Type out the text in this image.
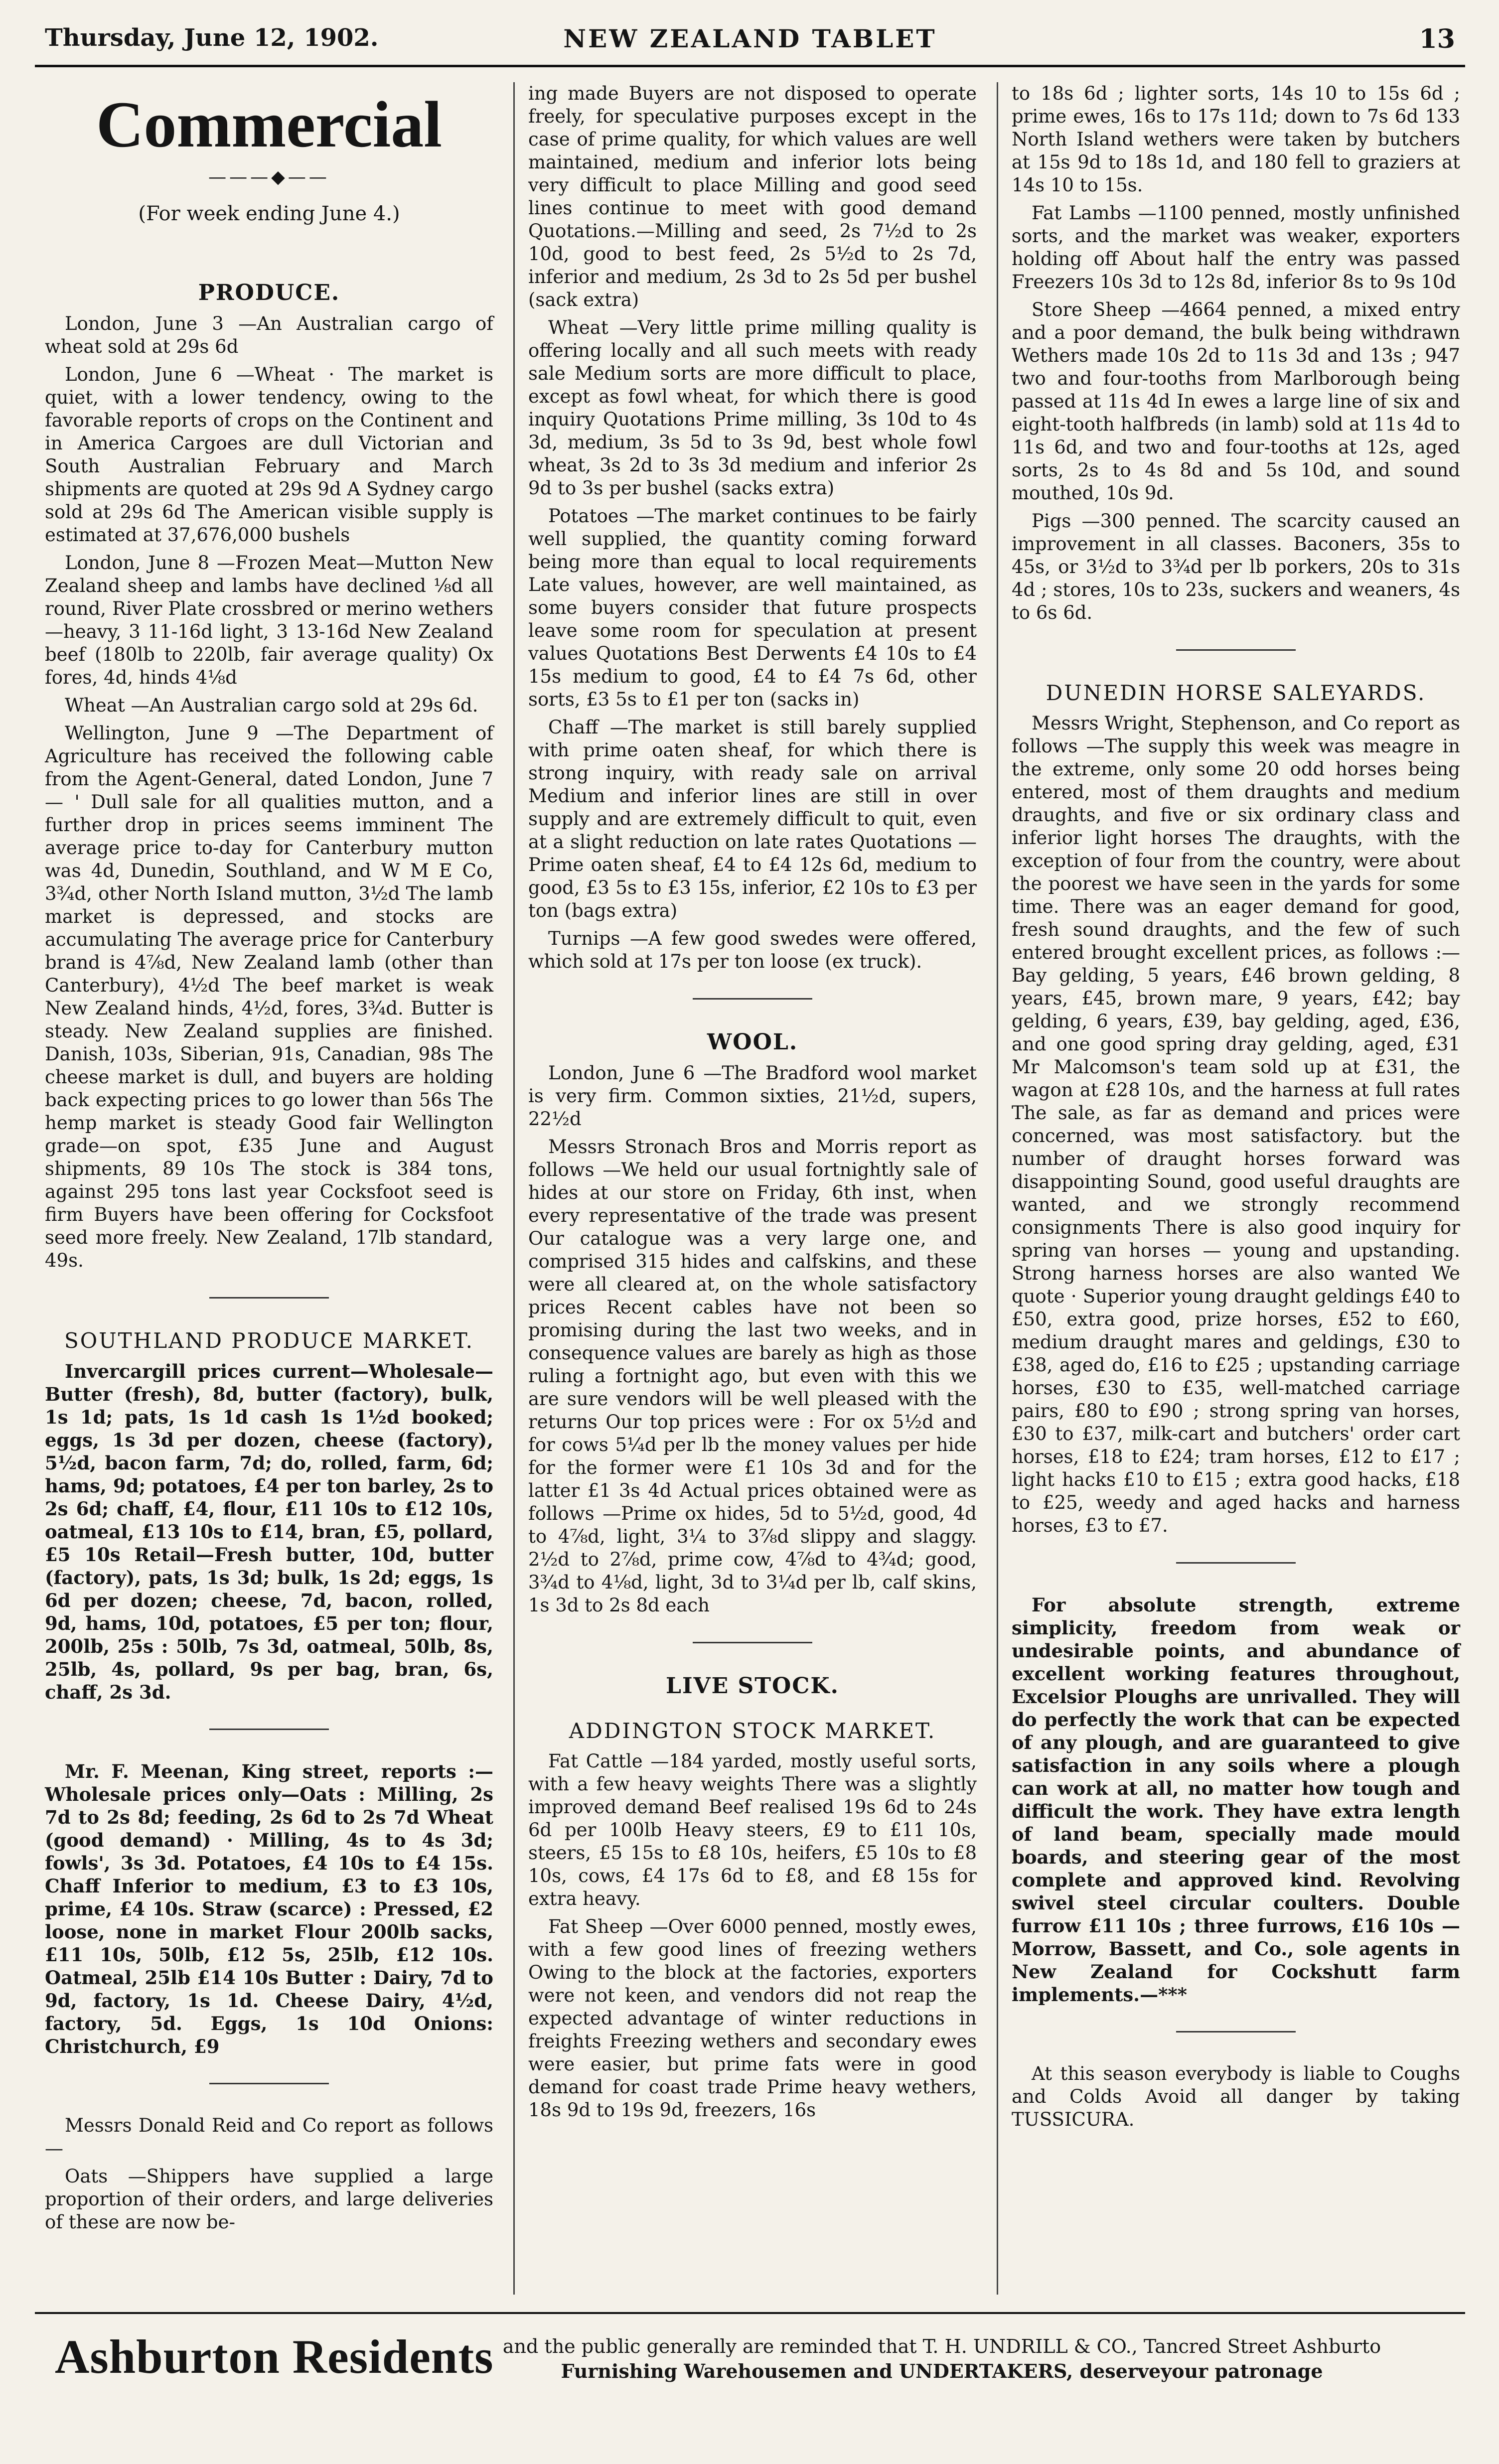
Thursday, June 12, 1902.	NEW ZEALAND TABLET	13
Commercial
———◆——
(For week ending June 4.)
PRODUCE.

London, June 3 —An Australian cargo of wheat sold at 29s 6d

London, June 6 —Wheat · The market is quiet, with a lower tendency, owing to the favorable reports of crops on the Continent and in America Cargoes are dull Victorian and South Australian February and March shipments are quoted at 29s 9d A Sydney cargo sold at 29s 6d The American visible supply is estimated at 37,676,000 bushels

London, June 8 —Frozen Meat—Mutton New Zealand sheep and lambs have declined ⅛d all round, River Plate crossbred or merino wethers—heavy, 3 11-16d light, 3 13-16d New Zealand beef (180lb to 220lb, fair average quality) Ox fores, 4d, hinds 4⅛d

Wheat —An Australian cargo sold at 29s 6d.

Wellington, June 9 —The Department of Agriculture has received the following cable from the Agent-General, dated London, June 7 — ' Dull sale for all qualities mutton, and a further drop in prices seems imminent The average price to-day for Canterbury mutton was 4d, Dunedin, Southland, and W M E Co, 3¾d, other North Island mutton, 3½d The lamb market is depressed, and stocks are accumulating The average price for Canterbury brand is 4⅞d, New Zealand lamb (other than Canterbury), 4½d The beef market is weak New Zealand hinds, 4½d, fores, 3¾d. Butter is steady. New Zealand supplies are finished. Danish, 103s, Siberian, 91s, Canadian, 98s The cheese market is dull, and buyers are holding back expecting prices to go lower than 56s The hemp market is steady Good fair Wellington grade—on spot, £35 June and August shipments, 89 10s The stock is 384 tons, against 295 tons last year Cocksfoot seed is firm Buyers have been offering for Cocksfoot seed more freely. New Zealand, 17lb standard, 49s.

SOUTHLAND PRODUCE MARKET.

Invercargill prices current—Wholesale—Butter (fresh), 8d, butter (factory), bulk, 1s 1d; pats, 1s 1d cash 1s 1½d booked; eggs, 1s 3d per dozen, cheese (factory), 5½d, bacon farm, 7d; do, rolled, farm, 6d; hams, 9d; potatoes, £4 per ton barley, 2s to 2s 6d; chaff, £4, flour, £11 10s to £12 10s, oatmeal, £13 10s to £14, bran, £5, pollard, £5 10s Retail—Fresh butter, 10d, butter (factory), pats, 1s 3d; bulk, 1s 2d; eggs, 1s 6d per dozen; cheese, 7d, bacon, rolled, 9d, hams, 10d, potatoes, £5 per ton; flour, 200lb, 25s : 50lb, 7s 3d, oatmeal, 50lb, 8s, 25lb, 4s, pollard, 9s per bag, bran, 6s, chaff, 2s 3d.

Mr. F. Meenan, King street, reports :—Wholesale prices only—Oats : Milling, 2s 7d to 2s 8d; feeding, 2s 6d to 2s 7d Wheat (good demand) · Milling, 4s to 4s 3d; fowls', 3s 3d. Potatoes, £4 10s to £4 15s. Chaff Inferior to medium, £3 to £3 10s, prime, £4 10s. Straw (scarce) : Pressed, £2 loose, none in market Flour 200lb sacks, £11 10s, 50lb, £12 5s, 25lb, £12 10s. Oatmeal, 25lb £14 10s Butter : Dairy, 7d to 9d, factory, 1s 1d. Cheese Dairy, 4½d, factory, 5d. Eggs, 1s 10d Onions: Christchurch, £9

Messrs Donald Reid and Co report as follows —

Oats —Shippers have supplied a large proportion of their orders, and large deliveries of these are now be-

ing made Buyers are not disposed to operate freely, for speculative purposes except in the case of prime quality, for which values are well maintained, medium and inferior lots being very difficult to place Milling and good seed lines continue to meet with good demand Quotations.—Milling and seed, 2s 7½d to 2s 10d, good to best feed, 2s 5½d to 2s 7d, inferior and medium, 2s 3d to 2s 5d per bushel (sack extra)

Wheat —Very little prime milling quality is offering locally and all such meets with ready sale Medium sorts are more difficult to place, except as fowl wheat, for which there is good inquiry Quotations Prime milling, 3s 10d to 4s 3d, medium, 3s 5d to 3s 9d, best whole fowl wheat, 3s 2d to 3s 3d medium and inferior 2s 9d to 3s per bushel (sacks extra)

Potatoes —The market continues to be fairly well supplied, the quantity coming forward being more than equal to local requirements Late values, however, are well maintained, as some buyers consider that future prospects leave some room for speculation at present values Quotations Best Derwents £4 10s to £4 15s medium to good, £4 to £4 7s 6d, other sorts, £3 5s to £1 per ton (sacks in)

Chaff —The market is still barely supplied with prime oaten sheaf, for which there is strong inquiry, with ready sale on arrival Medium and inferior lines are still in over supply and are extremely difficult to quit, even at a slight reduction on late rates Quotations —Prime oaten sheaf, £4 to £4 12s 6d, medium to good, £3 5s to £3 15s, inferior, £2 10s to £3 per ton (bags extra)

Turnips —A few good swedes were offered, which sold at 17s per ton loose (ex truck).

WOOL.

London, June 6 —The Bradford wool market is very firm. Common sixties, 21½d, supers, 22½d

Messrs Stronach Bros and Morris report as follows —We held our usual fortnightly sale of hides at our store on Friday, 6th inst, when every representative of the trade was present Our catalogue was a very large one, and comprised 315 hides and calfskins, and these were all cleared at, on the whole satisfactory prices Recent cables have not been so promising during the last two weeks, and in consequence values are barely as high as those ruling a fortnight ago, but even with this we are sure vendors will be well pleased with the returns Our top prices were : For ox 5½d and for cows 5¼d per lb the money values per hide for the former were £1 10s 3d and for the latter £1 3s 4d Actual prices obtained were as follows —Prime ox hides, 5d to 5½d, good, 4d to 4⅞d, light, 3¼ to 3⅞d slippy and slaggy. 2½d to 2⅞d, prime cow, 4⅞d to 4¾d; good, 3¾d to 4⅛d, light, 3d to 3¼d per lb, calf skins, 1s 3d to 2s 8d each

LIVE STOCK.
ADDINGTON STOCK MARKET.

Fat Cattle —184 yarded, mostly useful sorts, with a few heavy weights There was a slightly improved demand Beef realised 19s 6d to 24s 6d per 100lb Heavy steers, £9 to £11 10s, steers, £5 15s to £8 10s, heifers, £5 10s to £8 10s, cows, £4 17s 6d to £8, and £8 15s for extra heavy.

Fat Sheep —Over 6000 penned, mostly ewes, with a few good lines of freezing wethers Owing to the block at the factories, exporters were not keen, and vendors did not reap the expected advantage of winter reductions in freights Freezing wethers and secondary ewes were easier, but prime fats were in good demand for coast trade Prime heavy wethers, 18s 9d to 19s 9d, freezers, 16s

to 18s 6d ; lighter sorts, 14s 10 to 15s 6d ; prime ewes, 16s to 17s 11d; down to 7s 6d 133 North Island wethers were taken by butchers at 15s 9d to 18s 1d, and 180 fell to graziers at 14s 10 to 15s.

Fat Lambs —1100 penned, mostly unfinished sorts, and the market was weaker, exporters holding off About half the entry was passed Freezers 10s 3d to 12s 8d, inferior 8s to 9s 10d

Store Sheep —4664 penned, a mixed entry and a poor demand, the bulk being withdrawn Wethers made 10s 2d to 11s 3d and 13s ; 947 two and four-tooths from Marlborough being passed at 11s 4d In ewes a large line of six and eight-tooth halfbreds (in lamb) sold at 11s 4d to 11s 6d, and two and four-tooths at 12s, aged sorts, 2s to 4s 8d and 5s 10d, and sound mouthed, 10s 9d.

Pigs —300 penned. The scarcity caused an improvement in all classes. Baconers, 35s to 45s, or 3½d to 3¾d per lb porkers, 20s to 31s 4d ; stores, 10s to 23s, suckers and weaners, 4s to 6s 6d.

DUNEDIN HORSE SALEYARDS.

Messrs Wright, Stephenson, and Co report as follows —The supply this week was meagre in the extreme, only some 20 odd horses being entered, most of them draughts and medium draughts, and five or six ordinary class and inferior light horses The draughts, with the exception of four from the country, were about the poorest we have seen in the yards for some time. There was an eager demand for good, fresh sound draughts, and the few of such entered brought excellent prices, as follows :—Bay gelding, 5 years, £46 brown gelding, 8 years, £45, brown mare, 9 years, £42; bay gelding, 6 years, £39, bay gelding, aged, £36, and one good spring dray gelding, aged, £31 Mr Malcomson's team sold up at £31, the wagon at £28 10s, and the harness at full rates The sale, as far as demand and prices were concerned, was most satisfactory. but the number of draught horses forward was disappointing Sound, good useful draughts are wanted, and we strongly recommend consignments There is also good inquiry for spring van horses — young and upstanding. Strong harness horses are also wanted We quote · Superior young draught geldings £40 to £50, extra good, prize horses, £52 to £60, medium draught mares and geldings, £30 to £38, aged do, £16 to £25 ; upstanding carriage horses, £30 to £35, well-matched carriage pairs, £80 to £90 ; strong spring van horses, £30 to £37, milk-cart and butchers' order cart horses, £18 to £24; tram horses, £12 to £17 ; light hacks £10 to £15 ; extra good hacks, £18 to £25, weedy and aged hacks and harness horses, £3 to £7.

For absolute strength, extreme simplicity, freedom from weak or undesirable points, and abundance of excellent working features throughout, Excelsior Ploughs are unrivalled. They will do perfectly the work that can be expected of any plough, and are guaranteed to give satisfaction in any soils where a plough can work at all, no matter how tough and difficult the work. They have extra length of land beam, specially made mould boards, and steering gear of the most complete and approved kind. Revolving swivel steel circular coulters. Double furrow £11 10s ; three furrows, £16 10s —Morrow, Bassett, and Co., sole agents in New Zealand for Cockshutt farm implements.—***

At this season everybody is liable to Coughs and Colds Avoid all danger by taking TUSSICURA.

Ashburton Residents and the public generally are reminded that T. H. UNDRILL & CO., Tancred Street Ashburto
Furnishing Warehousemen and UNDERTAKERS, deserveyour patronage
